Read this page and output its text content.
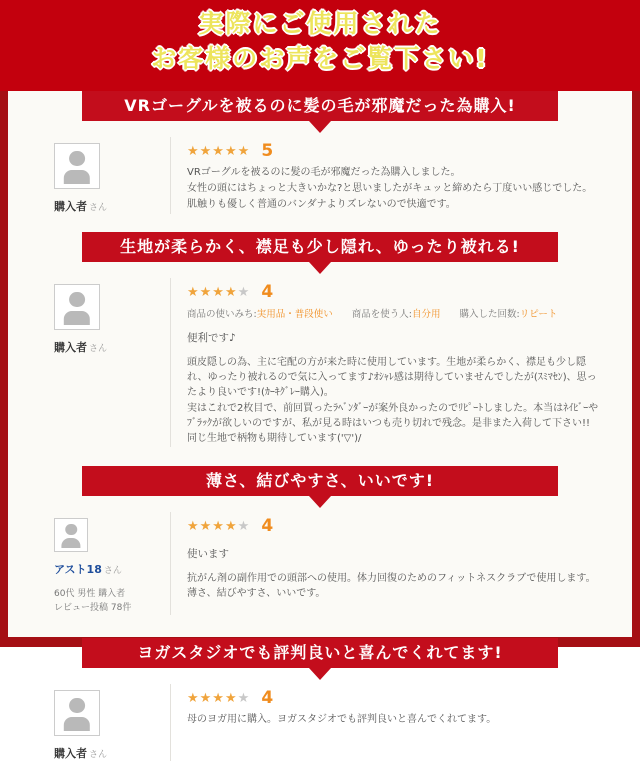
実際にご使用された
お客様のお声をご覧下さい!
VRゴーグルを被るのに髪の毛が邪魔だった為購入!
購入者 さん
★★★★★ 5

VRゴーグルを被るのに髪の毛が邪魔だった為購入しました。

女性の頭にはちょっと大きいかな?と思いましたがキュッと締めたら丁度いい感じでした。

肌触りも優しく普通のバンダナよりズレないので快適です。

生地が柔らかく、襟足も少し隠れ、ゆったり被れる!
購入者 さん
★★★★★ 4
商品の使いみち:実用品・普段使い 商品を使う人:自分用 購入した回数:リピート
便利です♪

頭皮隠しの為、主に宅配の方が来た時に使用しています。生地が柔らかく、襟足も少し隠れ、ゆったり被れるので気に入ってます♪ｵｼｬﾚ感は期待していませんでしたが(ｽﾐﾏｾﾝ)、思ったより良いです!(ｶｰｷｸﾞﾚｰ購入)。

実はこれで2枚目で、前回買ったﾗﾍﾞﾝﾀﾞｰが案外良かったのでﾘﾋﾟｰﾄしました。本当はﾈｲﾋﾞｰやﾌﾞﾗｯｸが欲しいのですが、私が見る時はいつも売り切れで残念。是非また入荷して下さい!!同じ生地で柄物も期待しています('▽')/

薄さ、結びやすさ、いいです!
アスト18 さん
60代 男性 購入者
レビュー投稿 78件
★★★★★ 4
使います

抗がん剤の副作用での頭部への使用。体力回復のためのフィットネスクラブで使用します。薄さ、結びやすさ、いいです。

ヨガスタジオでも評判良いと喜んでくれてます!
購入者 さん
★★★★★ 4

母のヨガ用に購入。ヨガスタジオでも評判良いと喜んでくれてます。
